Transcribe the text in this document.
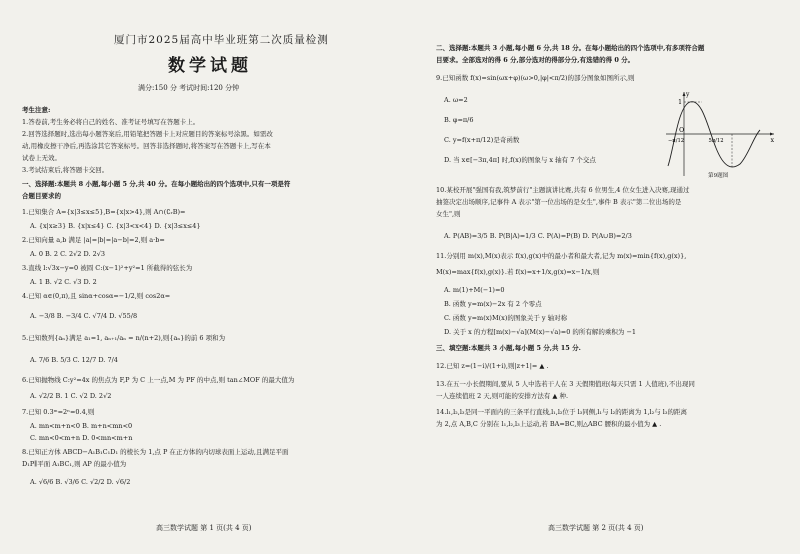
厦门市2025届高中毕业班第二次质量检测
数学试题
满分:150 分 考试时间:120 分钟
考生注意:
1.答卷前,考生务必将自己的姓名、准考证号填写在答题卡上。
2.回答选择题时,选出每小题答案后,用铅笔把答题卡上对应题目的答案标号涂黑。如需改
动,用橡皮擦干净后,再选涂其它答案标号。回答非选择题时,将答案写在答题卡上,写在本
试卷上无效。
3.考试结束后,将答题卡交回。
一、选择题:本题共 8 小题,每小题 5 分,共 40 分。在每小题给出的四个选项中,只有一项是符
合题目要求的
1.已知集合 A={x|3≤x≤5},B={x|x>4},则 A∩(∁ᵣB)=
A. {x|x≥3} B. {x|x≤4} C. {x|3<x<4} D. {x|3≤x≤4}
2.已知向量 a,b 满足 |a|=|b|=|a−b|=2,则 a·b=
A. 0 B. 2 C. 2√2 D. 2√3
3.直线 l:√3x−y=0 被圆 C:(x−1)²+y²=1 所截得的弦长为
A. 1 B. √2 C. √3 D. 2
4.已知 α∈(0,π),且 sinα+cosα=−1/2,则 cos2α=
A. −3/8 B. −3/4 C. √7/4 D. √55/8
5.已知数列{aₙ}满足 a₁=1, aₙ₊₁/aₙ = n/(n+2),则{aₙ}的前 6 项和为
A. 7/6 B. 5/3 C. 12/7 D. 7/4
6.已知抛物线 C:y²=4x 的焦点为 F,P 为 C 上一点,M 为 PF 的中点,则 tan∠MOF 的最大值为
A. √2/2 B. 1 C. √2 D. 2√2
7.已知 0.3ᵐ=2ⁿ=0.4,则
A. mn<m+n<0 B. m+n<mn<0
C. mn<0<m+n D. 0<mn<m+n
8.已知正方体 ABCD−A₁B₁C₁D₁ 的棱长为 1,点 P 在正方体的内切球表面上运动,且满足平面
D₁P∥平面 A₁BC₁,则 AP 的最小值为
A. √6/6 B. √3/6 C. √2/2 D. √6/2
高三数学试题 第 1 页(共 4 页)
二、选择题:本题共 3 小题,每小题 6 分,共 18 分。在每小题给出的四个选项中,有多项符合题
目要求。全部选对的得 6 分,部分选对的得部分分,有选错的得 0 分。
9.已知函数 f(x)=sin(ωx+φ)(ω>0,|φ|<π/2)的部分图象如图所示,则
A. ω=2
B. φ=π/6
C. y=f(x+π/12)是奇函数
D. 当 x∈[−3π,4π] 时,f(x)的图象与 x 轴有 7 个交点
O
y
x
1
−π/12	5π/12
第9题图
10.某校开展"强国有我,筑梦前行"主题演讲比赛,共有 6 位男生,4 位女生进入决赛,现通过
抽签决定出场顺序,记事件 A 表示"第一位出场的是女生",事件 B 表示"第二位出场的是
女生",则
A. P(AB)=3/5 B. P(B|A)=1/3 C. P(A)=P(B) D. P(A∪B)=2/3
11.分别用 m(x),M(x)表示 f(x),g(x)中的最小者和最大者,记为 m(x)=min{f(x),g(x)},
M(x)=max{f(x),g(x)}.若 f(x)=x+1/x,g(x)=x−1/x,则
A. m(1)+M(−1)=0
B. 函数 y=m(x)−2x 有 2 个零点
C. 函数 y=m(x)M(x)的图象关于 y 轴对称
D. 关于 x 的方程[m(x)−√a](M(x)−√a)=0 的所有解的乘积为 −1
三、填空题:本题共 3 小题,每小题 5 分,共 15 分.
12.已知 z=(1−i)/(1+i),则|z+1|= ▲ .
13.在五一小长假期间,要从 5 人中选若干人在 3 天假期值班(每天只需 1 人值班),不出现同
一人连续值班 2 天,则可能的安排方法有 ▲ 种.
14.l₁,l₂,l₃是同一平面内的三条平行直线,l₁,l₂位于 l₃同侧,l₁与 l₂的距离为 1,l₂与 l₃的距离
为 2,点 A,B,C 分别在 l₁,l₂,l₃上运动,若 BA=BC,则△ABC 腰积的最小值为 ▲ .
高三数学试题 第 2 页(共 4 页)
